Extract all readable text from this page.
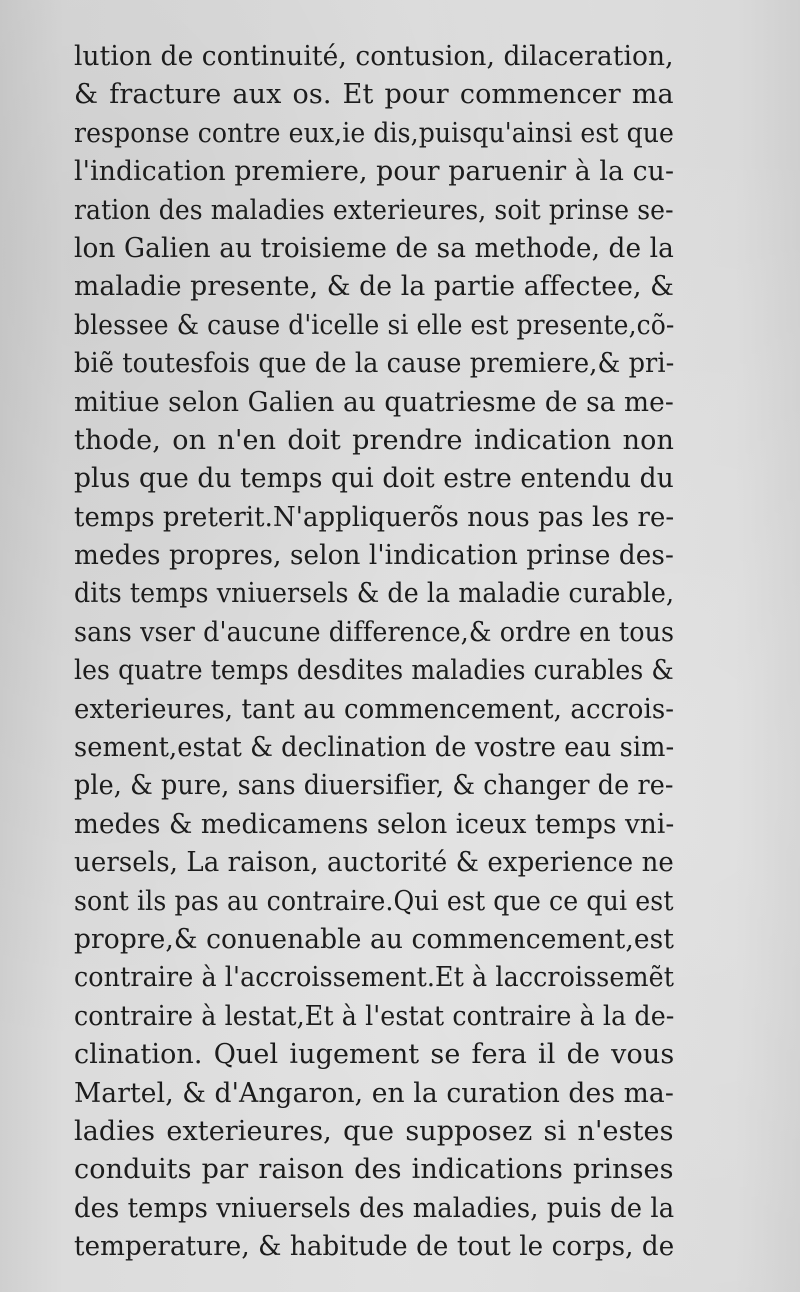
lution de continuité, contusion, dilaceration,
& fracture aux os. Et pour commencer ma
response contre eux,ie dis,puisqu'ainsi est que
l'indication premiere, pour paruenir à la cu-
ration des maladies exterieures, soit prinse se-
lon Galien au troisieme de sa methode, de la
maladie presente, & de la partie affectee, &
blessee & cause d'icelle si elle est presente,cõ-
biẽ toutesfois que de la cause premiere,& pri-
mitiue selon Galien au quatriesme de sa me-
thode, on n'en doit prendre indication non
plus que du temps qui doit estre entendu du
temps preterit.N'appliquerõs nous pas les re-
medes propres, selon l'indication prinse des-
dits temps vniuersels & de la maladie curable,
sans vser d'aucune difference,& ordre en tous
les quatre temps desdites maladies curables &
exterieures, tant au commencement, accrois-
sement,estat & declination de vostre eau sim-
ple, & pure, sans diuersifier, & changer de re-
medes & medicamens selon iceux temps vni-
uersels, La raison, auctorité & experience ne
sont ils pas au contraire.Qui est que ce qui est
propre,& conuenable au commencement,est
contraire à l'accroissement.Et à laccroissemẽt
contraire à lestat,Et à l'estat contraire à la de-
clination. Quel iugement se fera il de vous
Martel, & d'Angaron, en la curation des ma-
ladies exterieures, que supposez si n'estes
conduits par raison des indications prinses
des temps vniuersels des maladies, puis de la
temperature, & habitude de tout le corps, de
